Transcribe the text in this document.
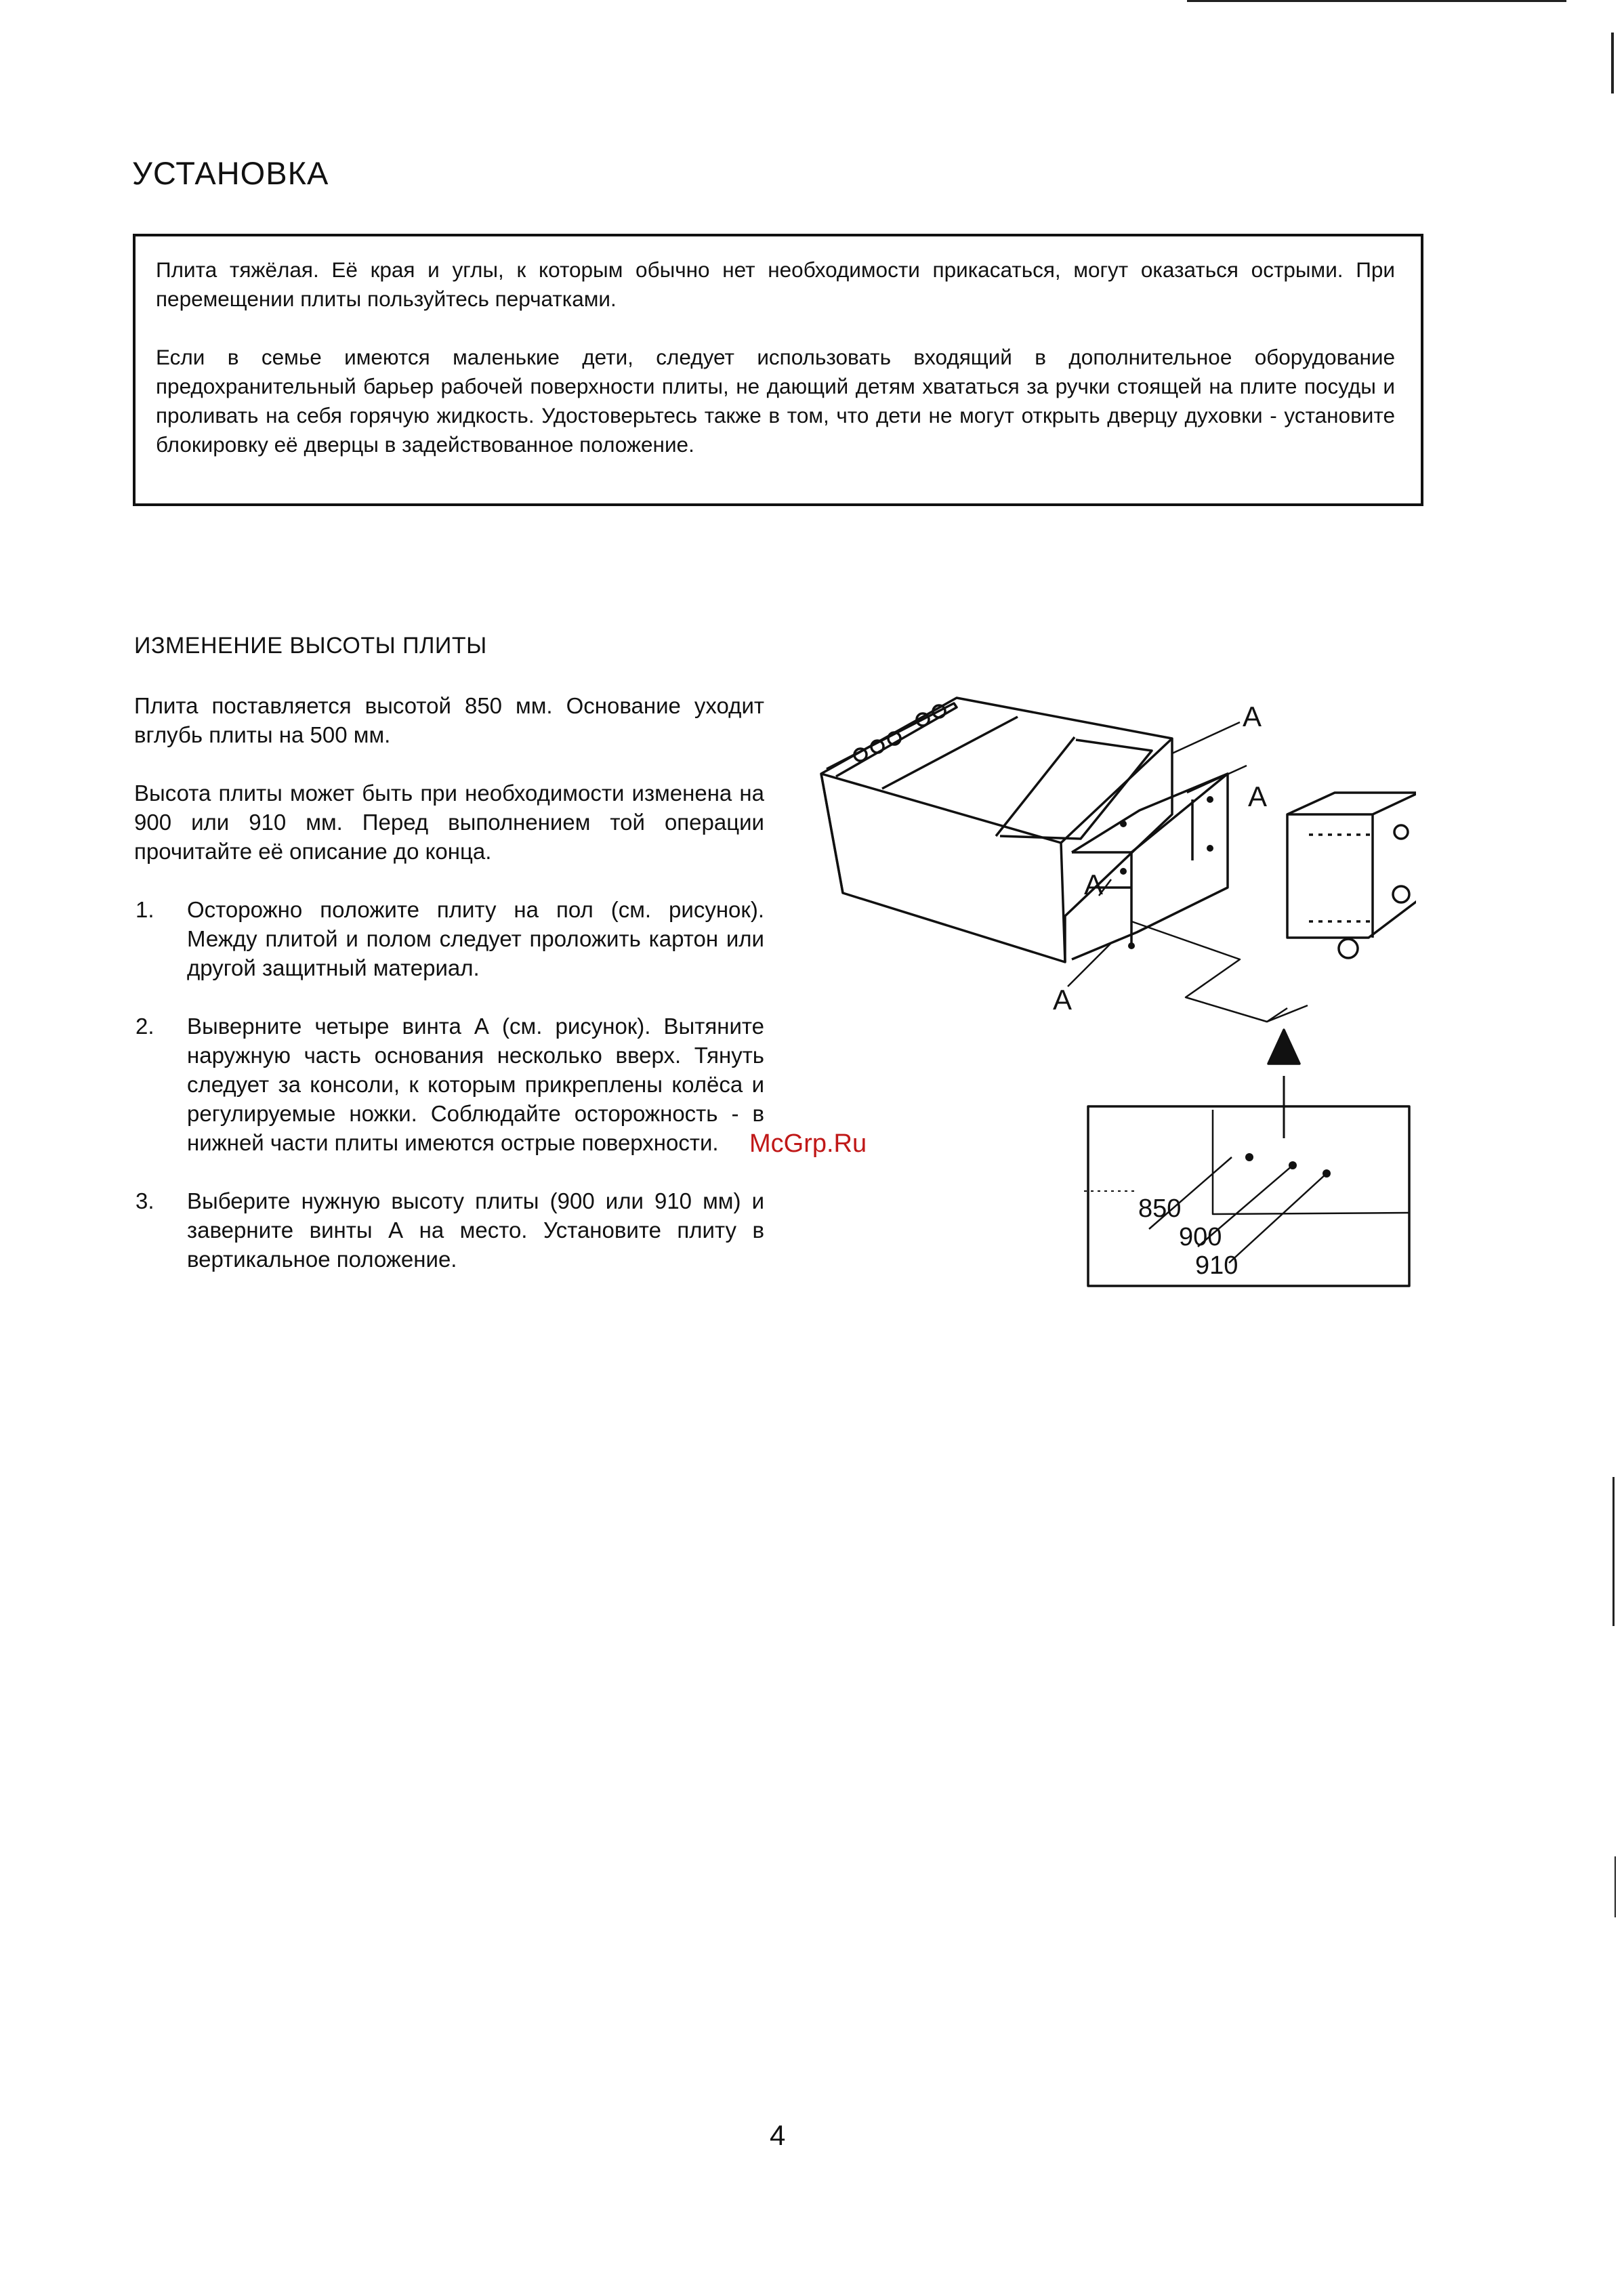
УСТАНОВКА

Плита тяжёлая. Её края и углы, к которым обычно нет необходимости прикасаться, могут оказаться острыми. При перемещении плиты пользуйтесь перчатками.

Если в семье имеются маленькие дети, следует использовать входящий в дополнительное оборудование предохранительный барьер рабочей поверхности плиты, не дающий детям хвататься за ручки стоящей на плите посуды и проливать на себя горячую жидкость. Удостоверьтесь также в том, что дети не могут открыть дверцу духовки - установите блокировку её дверцы в задействованное положение.

ИЗМЕНЕНИЕ ВЫСОТЫ ПЛИТЫ

Плита поставляется высотой 850 мм. Основание уходит вглубь плиты на 500 мм.

Высота плиты может быть при необходимости изменена на 900 или 910 мм. Перед выполнением той операции прочитайте её описание до конца.

1. Осторожно положите плиту на пол (см. рисунок). Между плитой и полом следует проложить картон или другой защитный материал.
2. Выверните четыре винта А (см. рисунок). Вытяните наружную часть основания несколько вверх. Тянуть следует за консоли, к которым прикреплены колёса и регулируемые ножки. Соблюдайте осторожность - в нижней части плиты имеются острые поверхности.
3. Выберите нужную высоту плиты (900 или 910 мм) и заверните винты А на место. Установите плиту в вертикальное положение.
A
A
A
A
850
900
910
McGrp.Ru
4
